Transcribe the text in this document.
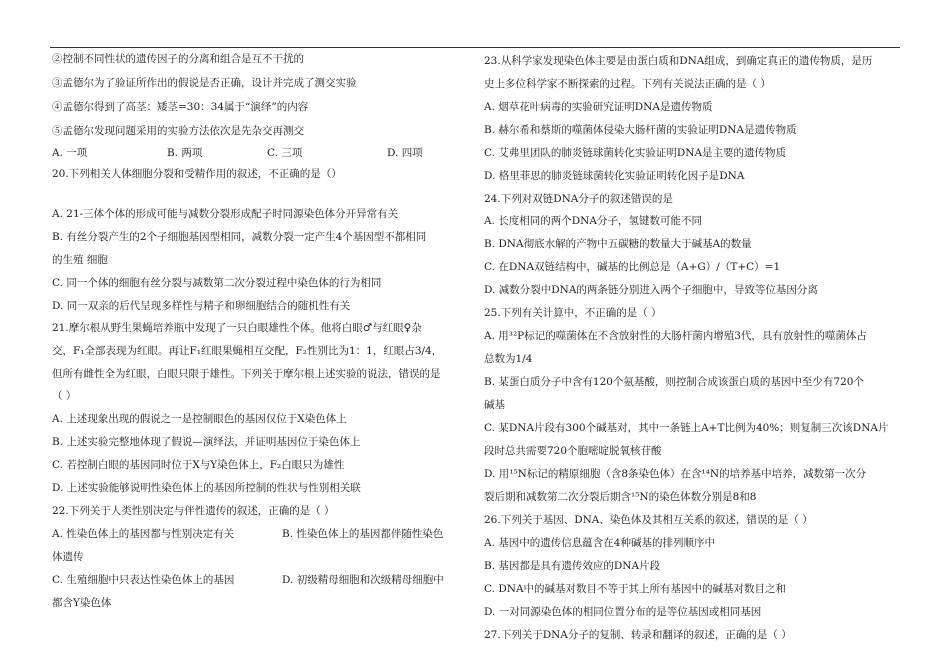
②控制不同性状的遗传因子的分离和组合是互不干扰的
③孟德尔为了验证所作出的假说是否正确，设计并完成了测交实验
④孟德尔得到了高茎：矮茎=30：34属于“演绎”的内容
⑤孟德尔发现问题采用的实验方法依次是先杂交再测交
A. 一项	B. 两项	C. 三项	D. 四项
20.下列相关人体细胞分裂和受精作用的叙述，不正确的是（）
A. 21-三体个体的形成可能与减数分裂形成配子时同源染色体分开异常有关
B. 有丝分裂产生的2个子细胞基因型相同，减数分裂一定产生4个基因型不都相同
的生殖 细胞
C. 同一个体的细胞有丝分裂与减数第二次分裂过程中染色体的行为相同
D. 同一双亲的后代呈现多样性与精子和卵细胞结合的随机性有关
21.摩尔根从野生果蝇培养瓶中发现了一只白眼雄性个体。他将白眼♂与红眼♀杂
交，F₁全部表现为红眼。再让F₁红眼果蝇相互交配，F₂性别比为1：1，红眼占3/4，
但所有雌性全为红眼，白眼只限于雄性。下列关于摩尔根上述实验的说法，错误的是
（ ）
A. 上述现象出现的假说之一是控制眼色的基因仅位于X染色体上
B. 上述实验完整地体现了假说—演绎法，并证明基因位于染色体上
C. 若控制白眼的基因同时位于X与Y染色体上，F₂白眼只为雄性
D. 上述实验能够说明性染色体上的基因所控制的性状与性别相关联
22.下列关于人类性别决定与伴性遗传的叙述，正确的是（ ）
A. 性染色体上的基因都与性别决定有关	B. 性染色体上的基因都伴随性染色
体遗传
C. 生殖细胞中只表达性染色体上的基因	D. 初级精母细胞和次级精母细胞中
都含Y染色体
23.从科学家发现染色体主要是由蛋白质和DNA组成，到确定真正的遗传物质，是历
史上多位科学家不断探索的过程。下列有关说法正确的是（ ）
A. 烟草花叶病毒的实验研究证明DNA是遗传物质
B. 赫尔希和蔡斯的噬菌体侵染大肠杆菌的实验证明DNA是遗传物质
C. 艾弗里团队的肺炎链球菌转化实验证明DNA是主要的遗传物质
D. 格里菲思的肺炎链球菌转化实验证明转化因子是DNA
24.下列对双链DNA分子的叙述错误的是
A. 长度相同的两个DNA分子，氢键数可能不同
B. DNA彻底水解的产物中五碳糖的数量大于碱基A的数量
C. 在DNA双链结构中，碱基的比例总是（A+G）/（T+C）=1
D. 减数分裂中DNA的两条链分别进入两个子细胞中，导致等位基因分离
25.下列有关计算中，不正确的是（ ）
A. 用³²P标记的噬菌体在不含放射性的大肠杆菌内增殖3代，具有放射性的噬菌体占
总数为1/4
B. 某蛋白质分子中含有120个氨基酸，则控制合成该蛋白质的基因中至少有720个
碱基
C. 某DNA片段有300个碱基对，其中一条链上A+T比例为40%；则复制三次该DNA片
段时总共需要720个胞嘧啶脱氧核苷酸
D. 用¹⁵N标记的精原细胞（含8条染色体）在含¹⁴N的培养基中培养，减数第一次分
裂后期和减数第二次分裂后期含¹⁵N的染色体数分别是8和8
26.下列关于基因、DNA、染色体及其相互关系的叙述，错误的是（ ）
A. 基因中的遗传信息蕴含在4种碱基的排列顺序中
B. 基因都是具有遗传效应的DNA片段
C. DNA中的碱基对数目不等于其上所有基因中的碱基对数目之和
D. 一对同源染色体的相同位置分布的是等位基因或相同基因
27.下列关于DNA分子的复制、转录和翻译的叙述，正确的是（ ）
